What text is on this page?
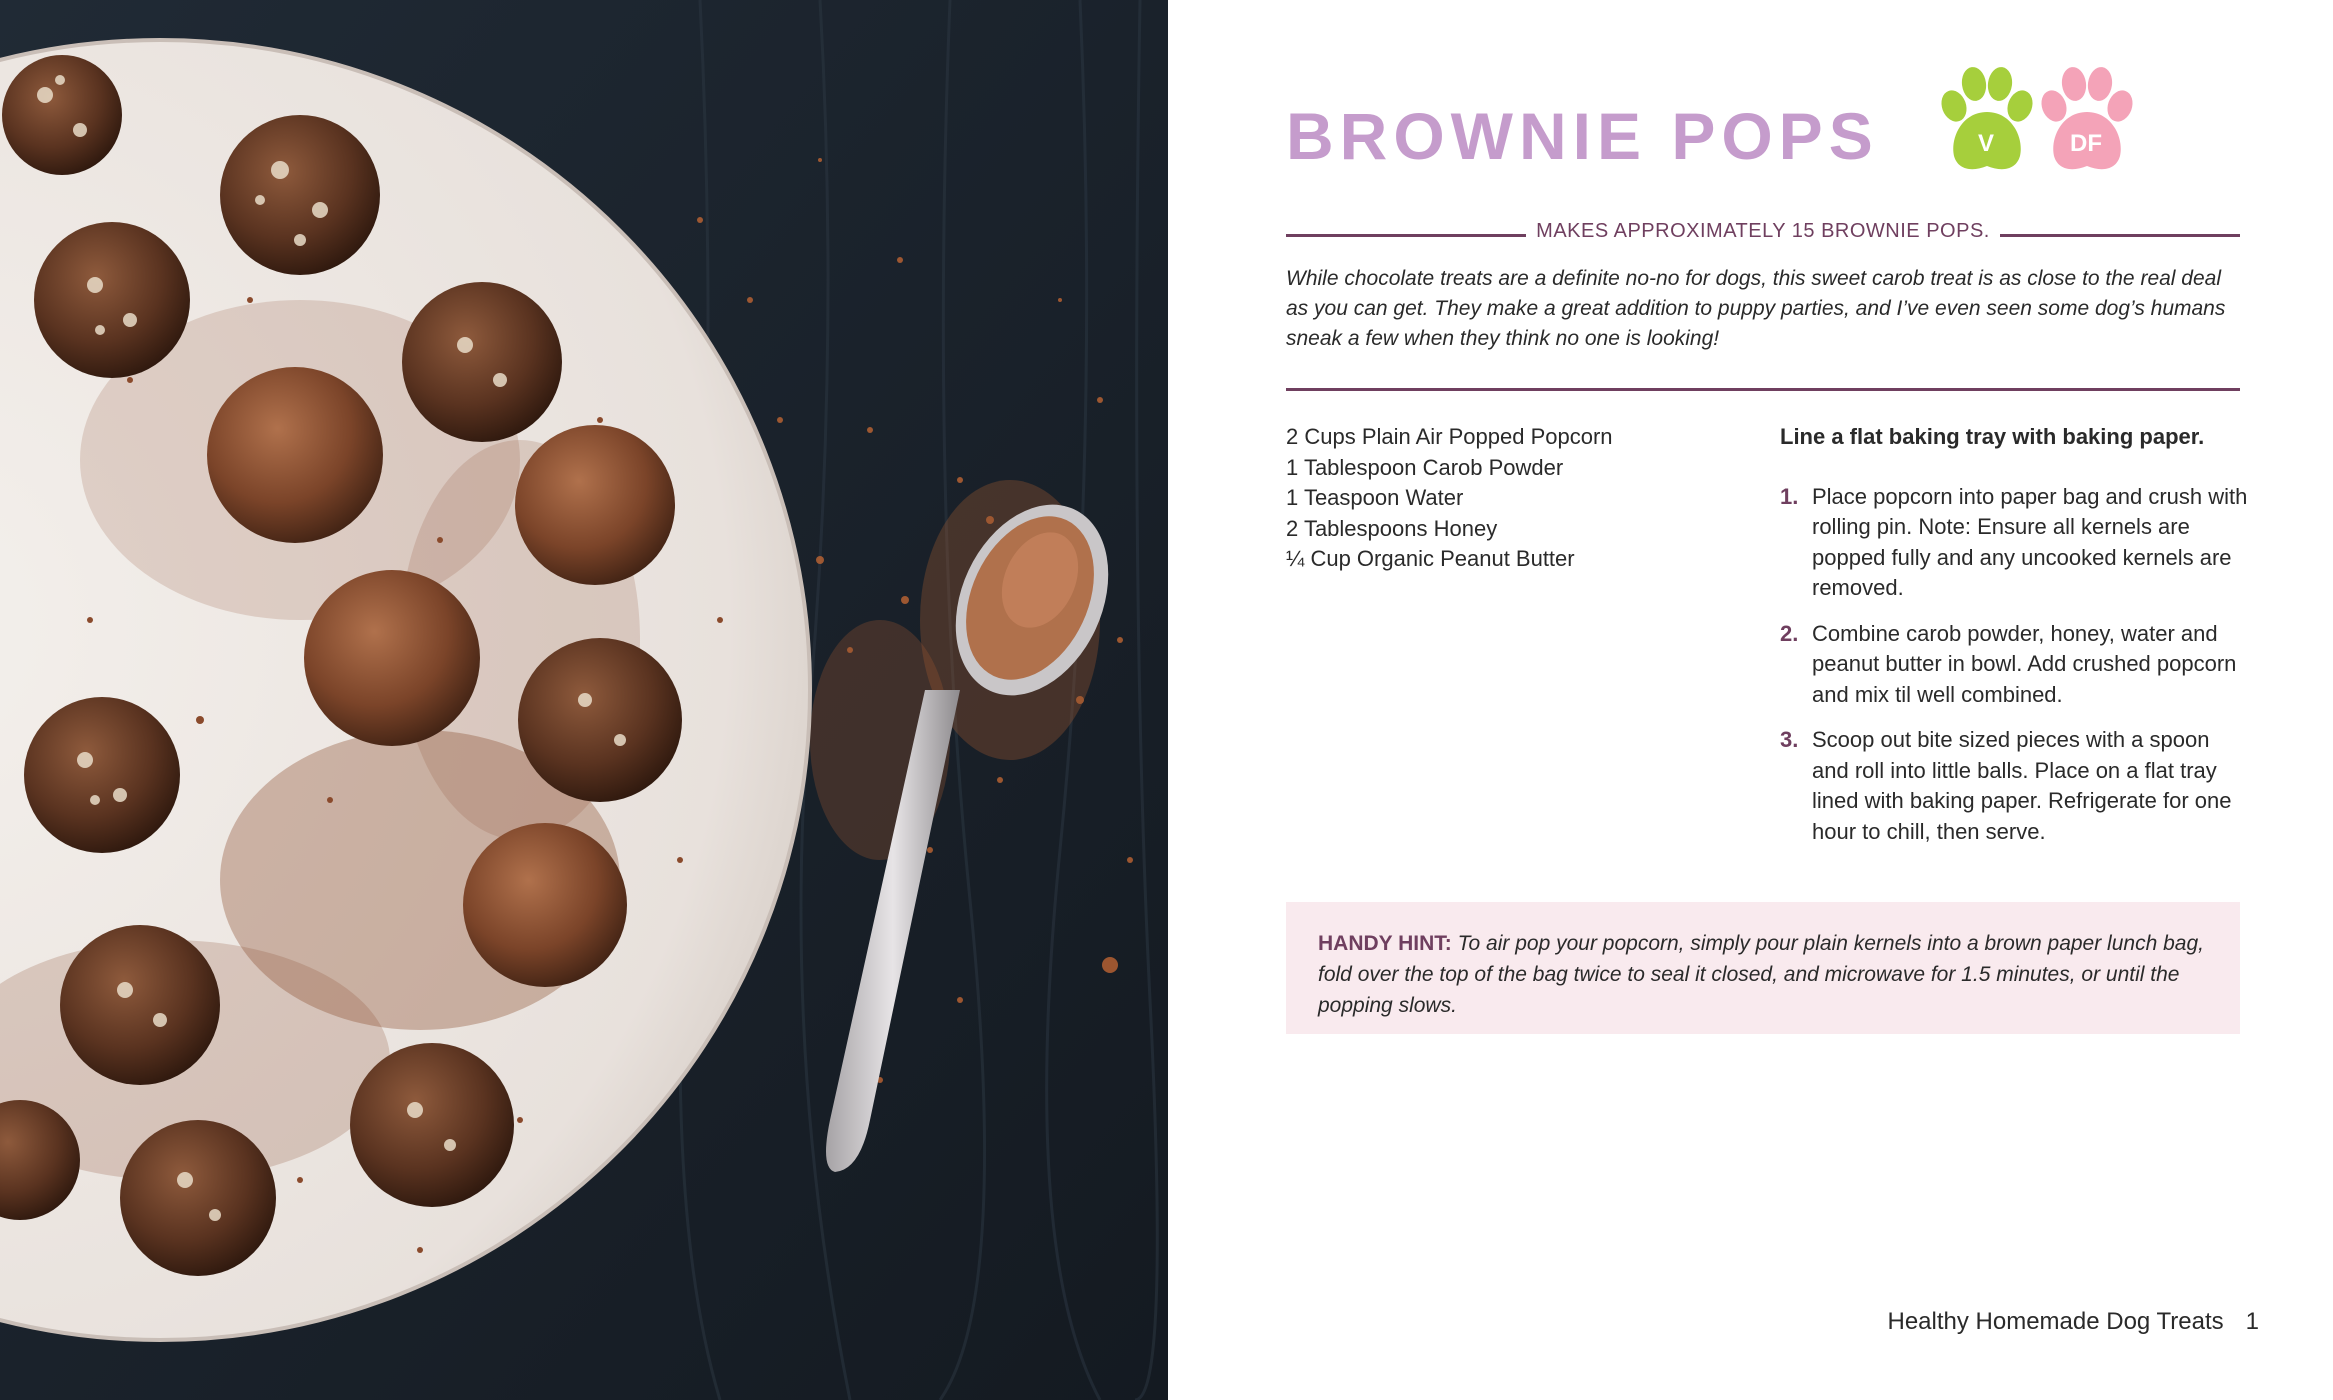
BROWNIE POPS	V	DF
MAKES APPROXIMATELY 15 BROWNIE POPS.
While chocolate treats are a definite no-no for dogs, this sweet carob treat is as close to the real deal as you can get. They make a great addition to puppy parties, and I’ve even seen some dog’s humans sneak a few when they think no one is looking!
2 Cups Plain Air Popped Popcorn
1 Tablespoon Carob Powder
1 Teaspoon Water
2 Tablespoons Honey
¼ Cup Organic Peanut Butter
Line a flat baking tray with baking paper.
1. Place popcorn into paper bag and crush with rolling pin. Note: Ensure all kernels are popped fully and any uncooked kernels are removed.
2. Combine carob powder, honey, water and peanut butter in bowl. Add crushed popcorn and mix til well combined.
3. Scoop out bite sized pieces with a spoon and roll into little balls. Place on a flat tray lined with baking paper. Refrigerate for one hour to chill, then serve.
HANDY HINT: To air pop your popcorn, simply pour plain kernels into a brown paper lunch bag, fold over the top of the bag twice to seal it closed, and microwave for 1.5 minutes, or until the popping slows.
Healthy Homemade Dog Treats 1
